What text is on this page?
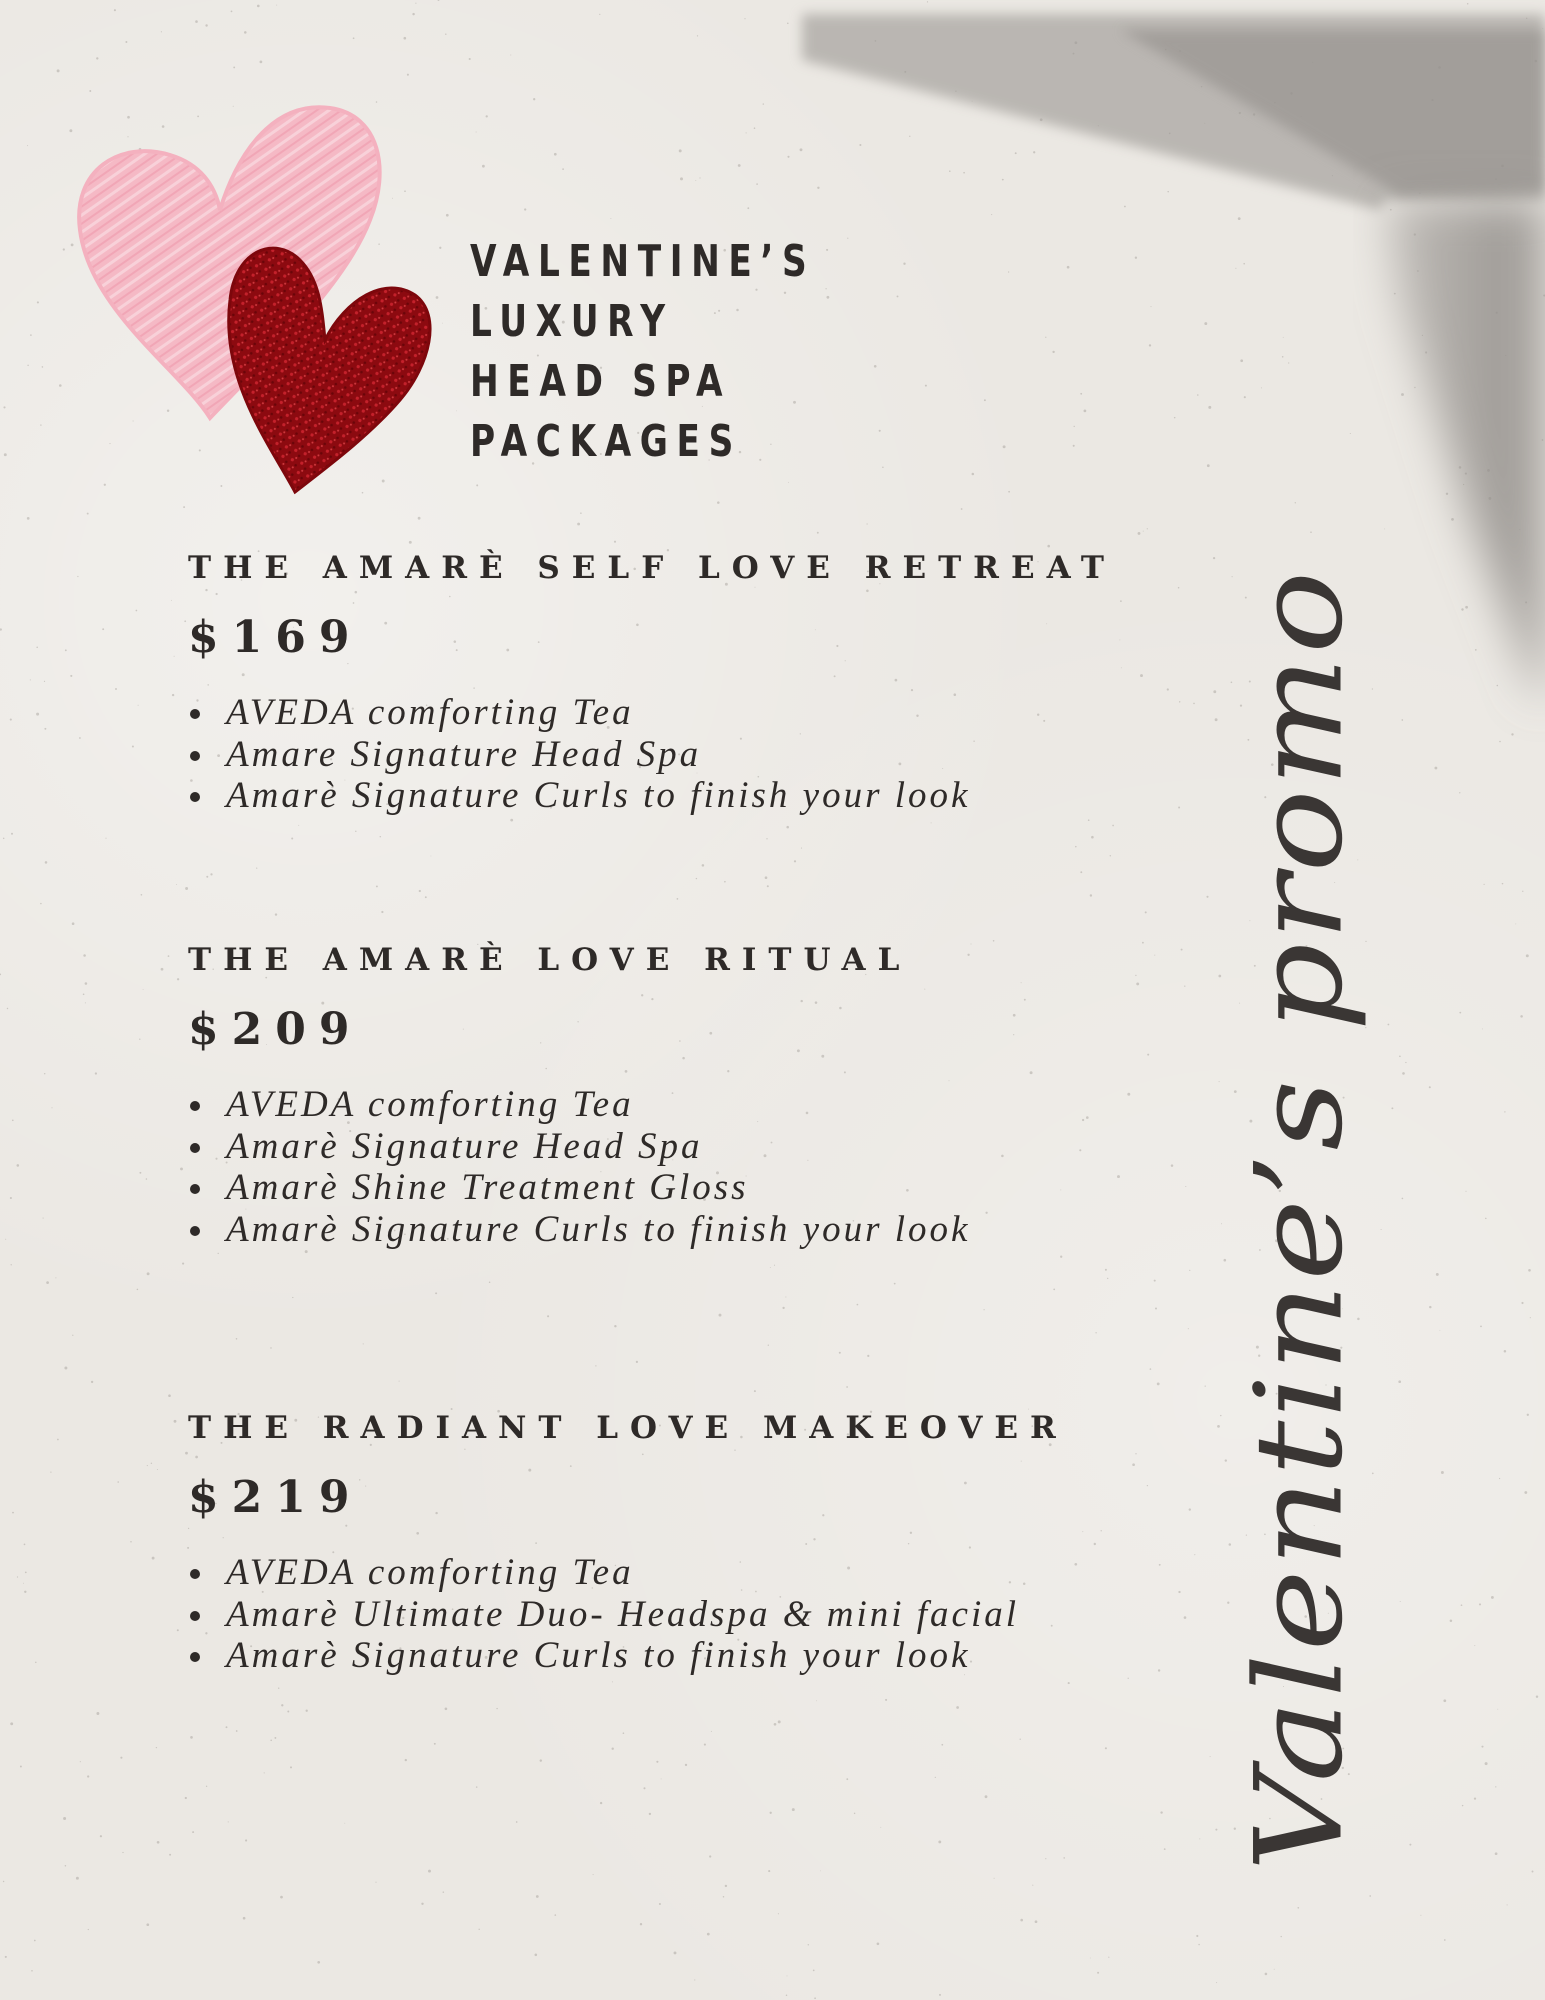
VALENTINE’S LUXURY
HEAD SPA PACKAGES
THE AMARÈ SELF LOVE RETREAT
$169
AVEDA comforting Tea
Amare Signature Head Spa
Amarè Signature Curls to finish your look
THE AMARÈ LOVE RITUAL
$209
AVEDA comforting Tea
Amarè Signature Head Spa
Amarè Shine Treatment Gloss
Amarè Signature Curls to finish your look
THE RADIANT LOVE MAKEOVER
$219
AVEDA comforting Tea
Amarè Ultimate Duo- Headspa & mini facial
Amarè Signature Curls to finish your look	Valentine’s promo
